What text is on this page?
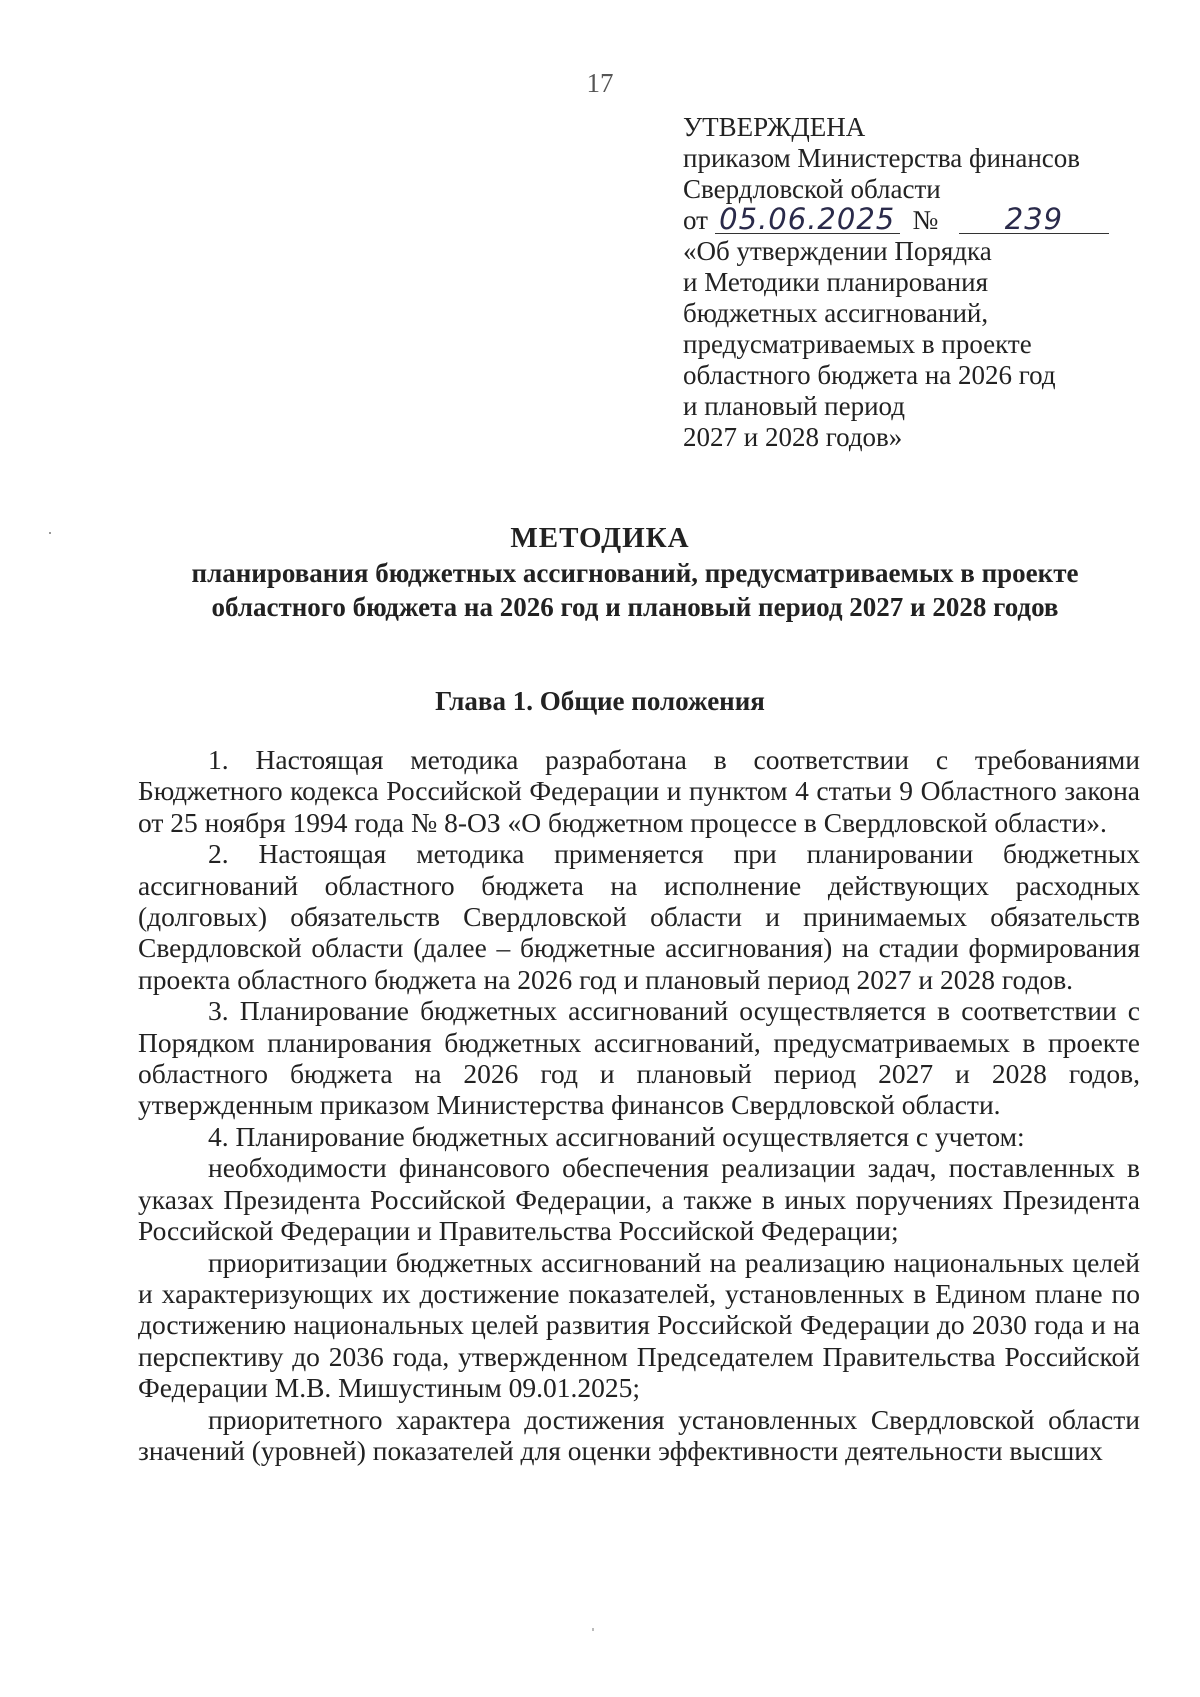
17
УТВЕРЖДЕНА
приказом Министерства финансов
Свердловской области
от 05.06.2025 № 239
«Об утверждении Порядка
и Методики планирования
бюджетных ассигнований,
предусматриваемых в проекте
областного бюджета на 2026 год
и плановый период
2027 и 2028 годов»
МЕТОДИКА
планирования бюджетных ассигнований, предусматриваемых в проекте областного бюджета на 2026 год и плановый период 2027 и 2028 годов
Глава 1. Общие положения

1. Настоящая методика разработана в соответствии с требованиями Бюджетного кодекса Российской Федерации и пунктом 4 статьи 9 Областного закона от 25 ноября 1994 года № 8-ОЗ «О бюджетном процессе в Свердловской области».

2. Настоящая методика применяется при планировании бюджетных ассигнований областного бюджета на исполнение действующих расходных (долговых) обязательств Свердловской области и принимаемых обязательств Свердловской области (далее – бюджетные ассигнования) на стадии формирования проекта областного бюджета на 2026 год и плановый период 2027 и 2028 годов.

3. Планирование бюджетных ассигнований осуществляется в соответствии с Порядком планирования бюджетных ассигнований, предусматриваемых в проекте областного бюджета на 2026 год и плановый период 2027 и 2028 годов, утвержденным приказом Министерства финансов Свердловской области.

4. Планирование бюджетных ассигнований осуществляется с учетом:

необходимости финансового обеспечения реализации задач, поставленных в указах Президента Российской Федерации, а также в иных поручениях Президента Российской Федерации и Правительства Российской Федерации;

приоритизации бюджетных ассигнований на реализацию национальных целей и характеризующих их достижение показателей, установленных в Едином плане по достижению национальных целей развития Российской Федерации до 2030 года и на перспективу до 2036 года, утвержденном Председателем Правительства Российской Федерации М.В. Мишустиным 09.01.2025;

приоритетного характера достижения установленных Свердловской области значений (уровней) показателей для оценки эффективности деятельности высших
